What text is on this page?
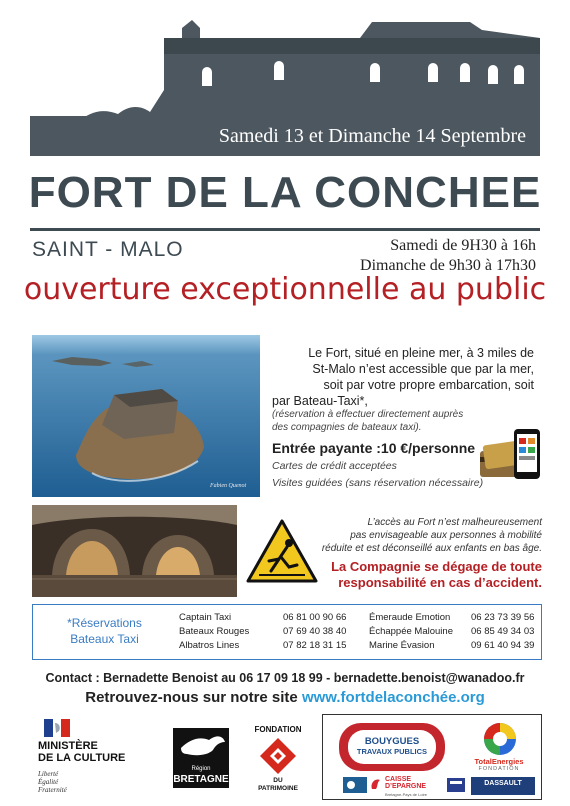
Samedi 13 et Dimanche 14 Septembre
FORT DE LA CONCHEE
SAINT - MALO	Samedi de 9H30 à 16h
Dimanche de 9h30 à 17h30
ouverture exceptionnelle au public
Fabien Quenot
Le Fort, situé en pleine mer, à 3 miles de
St-Malo n’est accessible que par la mer,
soit par votre propre embarcation, soit
par Bateau-Taxi*,
(réservation à effectuer directement auprès
des compagnies de bateaux taxi).
Entrée payante :10 €/personne
Cartes de crédit acceptées
Visites guidées (sans réservation nécessaire)
L’accès au Fort n’est malheureusement
pas envisageable aux personnes à mobilité
réduite et est déconseillé aux enfants en bas âge.
La Compagnie se dégage de toute
responsabilité en cas d’accident.
*Réservations
Bateaux Taxi
Captain Taxi
Bateaux Rouges
Albatros Lines
06 81 00 90 66
07 69 40 38 40
07 82 18 31 15
Émeraude Emotion
Échappée Malouine
Marine Évasion
06 23 73 39 56
06 85 49 34 03
09 61 40 94 39
Contact : Bernadette Benoist au 06 17 09 18 99 - bernadette.benoist@wanadoo.fr
Retrouvez-nous sur notre site www.fortdelaconchée.org
MINISTÈRE
DE LA CULTURE
Liberté
Égalité
Fraternité
Région
BRETAGNE
FONDATION
DU
PATRIMOINE
BOUYGUES
TRAVAUX PUBLICS
TotalEnergies
FONDATION
CAISSE
D’EPARGNE
Bretagne-Pays de Loire
DASSAULT
